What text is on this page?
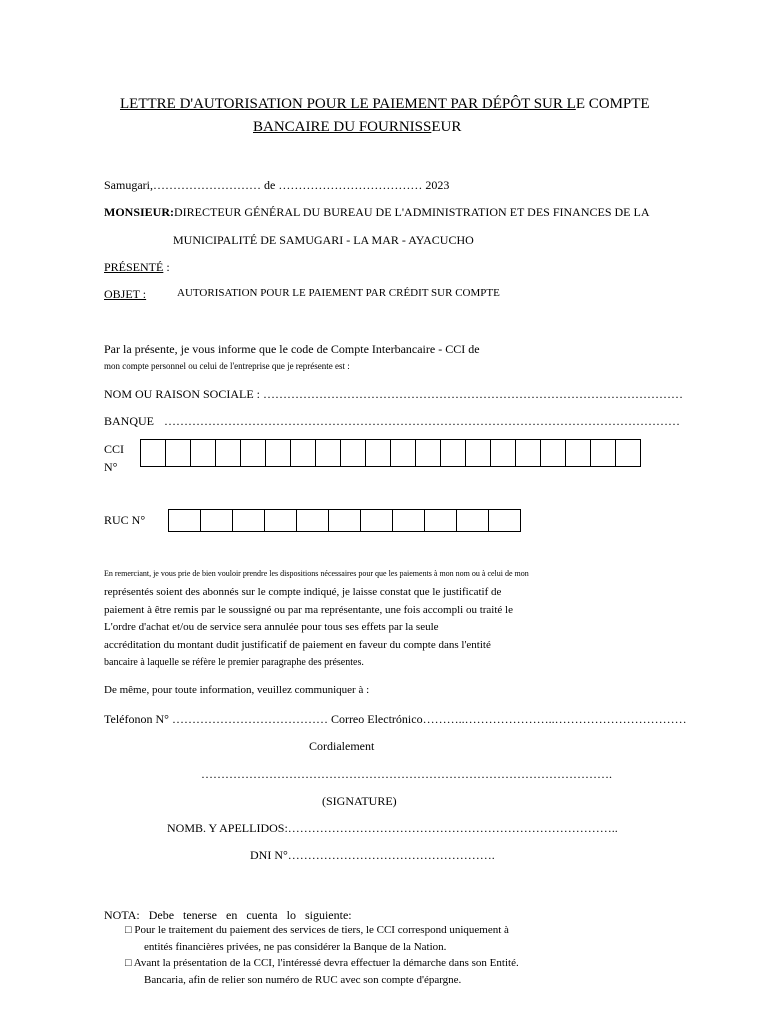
LETTRE D'AUTORISATION POUR LE PAIEMENT PAR DÉPÔT SUR LE COMPTE
BANCAIRE DU FOURNISSEUR
Samugari,……………………… de ……………………………… 2023
MONSIEUR:DIRECTEUR GÉNÉRAL DU BUREAU DE L'ADMINISTRATION ET DES FINANCES DE LA
MUNICIPALITÉ DE SAMUGARI - LA MAR - AYACUCHO
PRÉSENTÉ :
OBJET :	AUTORISATION POUR LE PAIEMENT PAR CRÉDIT SUR COMPTE
Par la présente, je vous informe que le code de Compte Interbancaire - CCI de
mon compte personnel ou celui de l'entreprise que je représente est :
NOM OU RAISON SOCIALE : ……………………………………………………………………………………………
BANQUE …………………………………………………………………………………………………………………
CCI
N°
RUC N°
En remerciant, je vous prie de bien vouloir prendre les dispositions nécessaires pour que les paiements à mon nom ou à celui de mon
représentés soient des abonnés sur le compte indiqué, je laisse constat que le justificatif de
paiement à être remis par le soussigné ou par ma représentante, une fois accompli ou traité le
L'ordre d'achat et/ou de service sera annulée pour tous ses effets par la seule
accréditation du montant dudit justificatif de paiement en faveur du compte dans l'entité
bancaire à laquelle se réfère le premier paragraphe des présentes.
De même, pour toute information, veuillez communiquer à :
Teléfonon N° ………………………………… Correo Electrónico………..…………………..……………………………
Cordialement
………………………………………………………………………………………….
(SIGNATURE)
NOMB. Y APELLIDOS:………………………………………………………………………..
DNI N°…………………………………………….
NOTA:   Debe   tenerse   en   cuenta   lo   siguiente:
□ Pour le traitement du paiement des services de tiers, le CCI correspond uniquement à
entités financières privées, ne pas considérer la Banque de la Nation.
□ Avant la présentation de la CCI, l'intéressé devra effectuer la démarche dans son Entité.
Bancaria, afin de relier son numéro de RUC avec son compte d'épargne.
